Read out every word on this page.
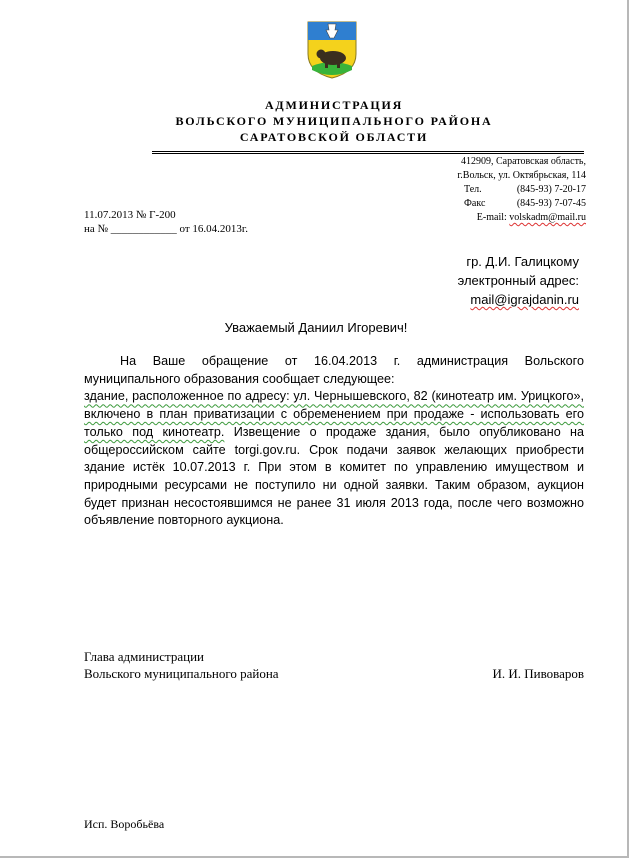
АДМИНИСТРАЦИЯ
ВОЛЬСКОГО МУНИЦИПАЛЬНОГО РАЙОНА
САРАТОВСКОЙ ОБЛАСТИ
412909, Саратовская область,
г.Вольск, ул. Октябрьская, 114
Тел.	(845-93) 7-20-17
Факс	(845-93) 7-07-45
E-mail: volskadm@mail.ru
11.07.2013 № Г-200
на № ____________ от 16.04.2013г.
гр. Д.И. Галицкому
электронный адрес:
mail@igrajdanin.ru
Уважаемый Даниил Игоревич!

На Ваше обращение от 16.04.2013 г. администрация Вольского муниципального образования сообщает следующее:

здание, расположенное по адресу: ул. Чернышевского, 82 (кинотеатр им. Урицкого», включено в план приватизации с обременением при продаже - использовать его только под кинотеатр. Извещение о продаже здания, было опубликовано на общероссийском сайте torgi.gov.ru. Срок подачи заявок желающих приобрести здание истёк 10.07.2013 г. При этом в комитет по управлению имуществом и природными ресурсами не поступило ни одной заявки. Таким образом, аукцион будет признан несостоявшимся не ранее 31 июля 2013 года, после чего возможно объявление повторного аукциона.

Глава администрации
Вольского муниципального района	И. И. Пивоваров
Исп. Воробьёва
